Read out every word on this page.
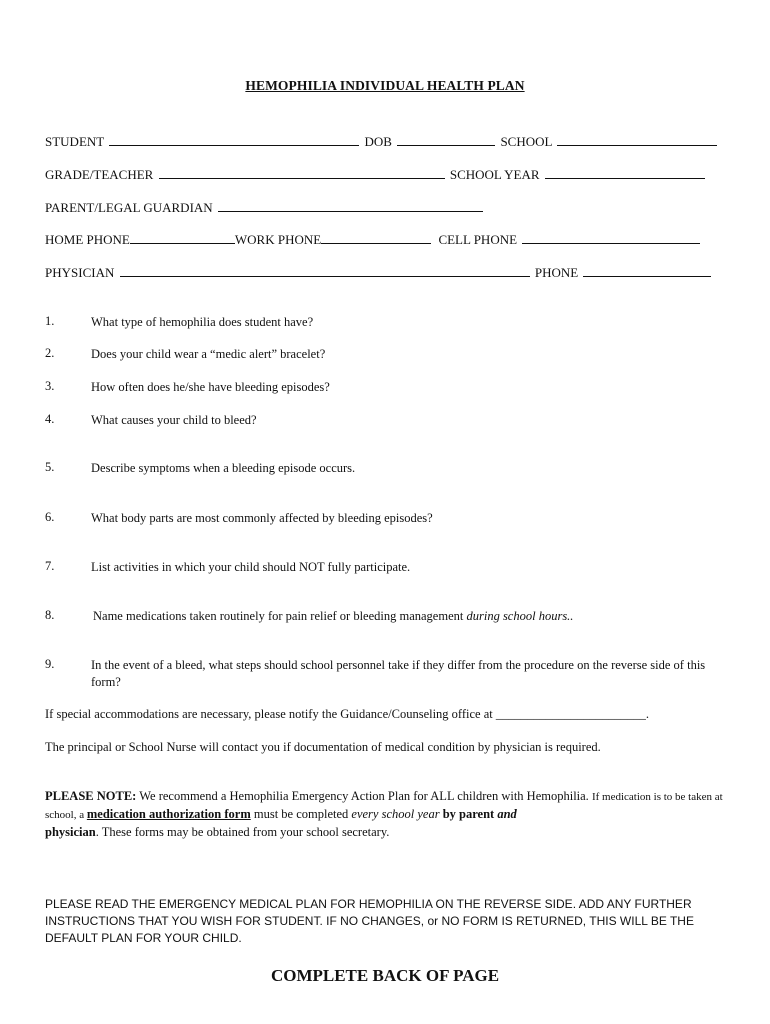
HEMOPHILIA INDIVIDUAL HEALTH PLAN
STUDENT	DOB	SCHOOL
GRADE/TEACHER	SCHOOL YEAR
PARENT/LEGAL GUARDIAN
HOME PHONE	WORK PHONE	CELL PHONE
PHYSICIAN	PHONE
1.	What type of hemophilia does student have?
2.	Does your child wear a “medic alert” bracelet?
3.	How often does he/she have bleeding episodes?
4.	What causes your child to bleed?
5.	Describe symptoms when a bleeding episode occurs.
6.	What body parts are most commonly affected by bleeding episodes?
7.	List activities in which your child should NOT fully participate.
8.	Name medications taken routinely for pain relief or bleeding management during school hours..
9.	In the event of a bleed, what steps should school personnel take if they differ from the procedure on the reverse side of this form?
If special accommodations are necessary, please notify the Guidance/Counseling office at ________________________.
The principal or School Nurse will contact you if documentation of medical condition by physician is required.
PLEASE NOTE: We recommend a Hemophilia Emergency Action Plan for ALL children with Hemophilia. If medication is to be taken at school, a medication authorization form must be completed every school year by parent and
physician. These forms may be obtained from your school secretary.
PLEASE READ THE EMERGENCY MEDICAL PLAN FOR HEMOPHILIA ON THE REVERSE SIDE. ADD ANY FURTHER INSTRUCTIONS THAT YOU WISH FOR STUDENT. IF NO CHANGES, or NO FORM IS RETURNED, THIS WILL BE THE DEFAULT PLAN FOR YOUR CHILD.
COMPLETE BACK OF PAGE
